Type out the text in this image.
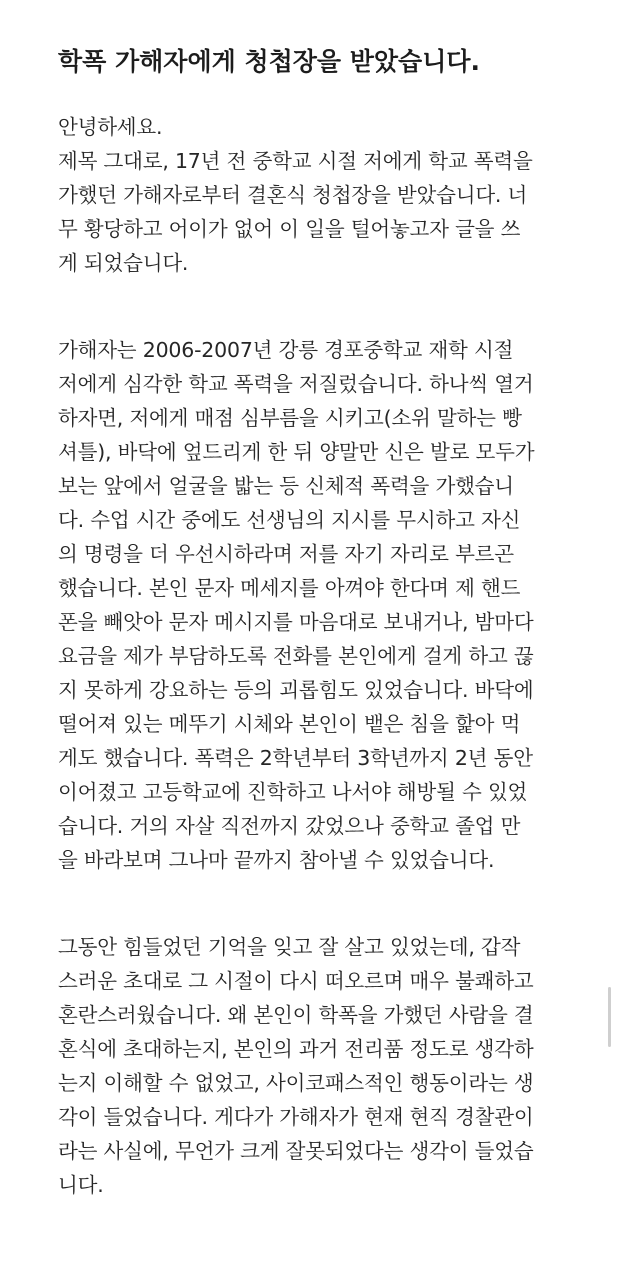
학폭 가해자에게 청첩장을 받았습니다.
안녕하세요.
제목 그대로, 17년 전 중학교 시절 저에게 학교 폭력을
가했던 가해자로부터 결혼식 청첩장을 받았습니다. 너
무 황당하고 어이가 없어 이 일을 털어놓고자 글을 쓰
게 되었습니다.
가해자는 2006-2007년 강릉 경포중학교 재학 시절
저에게 심각한 학교 폭력을 저질렀습니다. 하나씩 열거
하자면, 저에게 매점 심부름을 시키고(소위 말하는 빵
셔틀), 바닥에 엎드리게 한 뒤 양말만 신은 발로 모두가
보는 앞에서 얼굴을 밟는 등 신체적 폭력을 가했습니
다. 수업 시간 중에도 선생님의 지시를 무시하고 자신
의 명령을 더 우선시하라며 저를 자기 자리로 부르곤
했습니다. 본인 문자 메세지를 아껴야 한다며 제 핸드
폰을 빼앗아 문자 메시지를 마음대로 보내거나, 밤마다
요금을 제가 부담하도록 전화를 본인에게 걸게 하고 끊
지 못하게 강요하는 등의 괴롭힘도 있었습니다. 바닥에
떨어져 있는 메뚜기 시체와 본인이 뱉은 침을 핥아 먹
게도 했습니다. 폭력은 2학년부터 3학년까지 2년 동안
이어졌고 고등학교에 진학하고 나서야 해방될 수 있었
습니다. 거의 자살 직전까지 갔었으나 중학교 졸업 만
을 바라보며 그나마 끝까지 참아낼 수 있었습니다.
그동안 힘들었던 기억을 잊고 잘 살고 있었는데, 갑작
스러운 초대로 그 시절이 다시 떠오르며 매우 불쾌하고
혼란스러웠습니다. 왜 본인이 학폭을 가했던 사람을 결
혼식에 초대하는지, 본인의 과거 전리품 정도로 생각하
는지 이해할 수 없었고, 사이코패스적인 행동이라는 생
각이 들었습니다. 게다가 가해자가 현재 현직 경찰관이
라는 사실에, 무언가 크게 잘못되었다는 생각이 들었습
니다.
